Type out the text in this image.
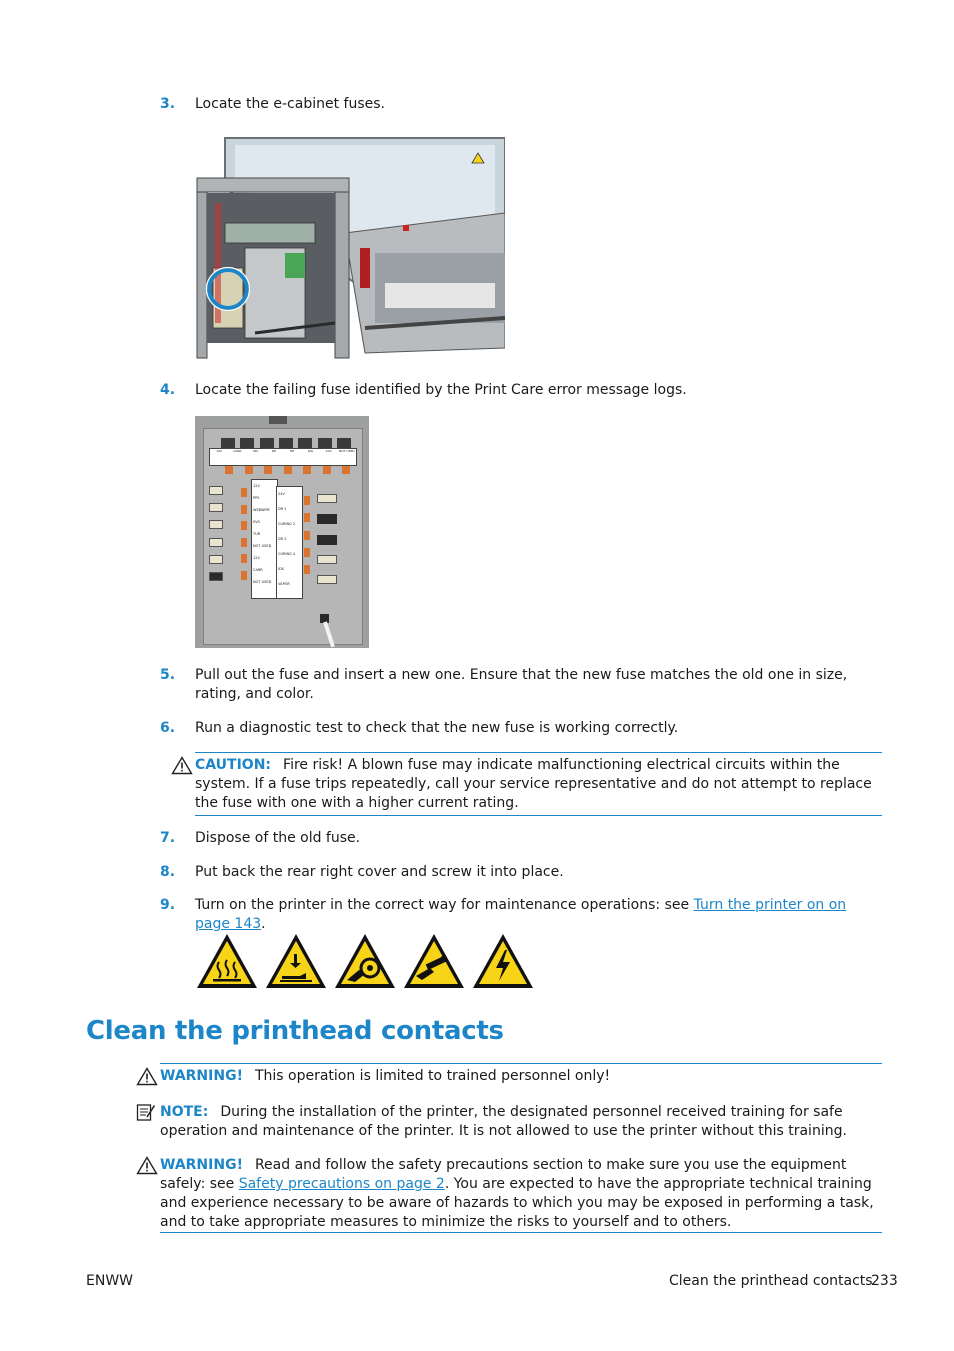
3. Locate the e-cabinet fuses.
4. Locate the failing fuse identified by the Print Care error message logs.
12V	CARR	IRS	RE	MP	RIG	SAS	NOT USED
12V
PPS
WEBWIPE
SVS
TUR
NOT USED
12V
CARR
NOT USED
24V
DR 1
CURING 2
DR 2
CURING 4
IDS
VAPOR
5. Pull out the fuse and insert a new one. Ensure that the new fuse matches the old one in size, rating, and color.
6. Run a diagnostic test to check that the new fuse is working correctly.
CAUTION: Fire risk! A blown fuse may indicate malfunctioning electrical circuits within the system. If a fuse trips repeatedly, call your service representative and do not attempt to replace the fuse with one with a higher current rating.
7. Dispose of the old fuse.
8. Put back the rear right cover and screw it into place.
9. Turn on the printer in the correct way for maintenance operations: see Turn the printer on on page 143.
Clean the printhead contacts
WARNING! This operation is limited to trained personnel only!
NOTE: During the installation of the printer, the designated personnel received training for safe operation and maintenance of the printer. It is not allowed to use the printer without this training.
WARNING! Read and follow the safety precautions section to make sure you use the equipment safely: see Safety precautions on page 2. You are expected to have the appropriate technical training and experience necessary to be aware of hazards to which you may be exposed in performing a task, and to take appropriate measures to minimize the risks to yourself and to others.
ENWW	Clean the printhead contacts
233
